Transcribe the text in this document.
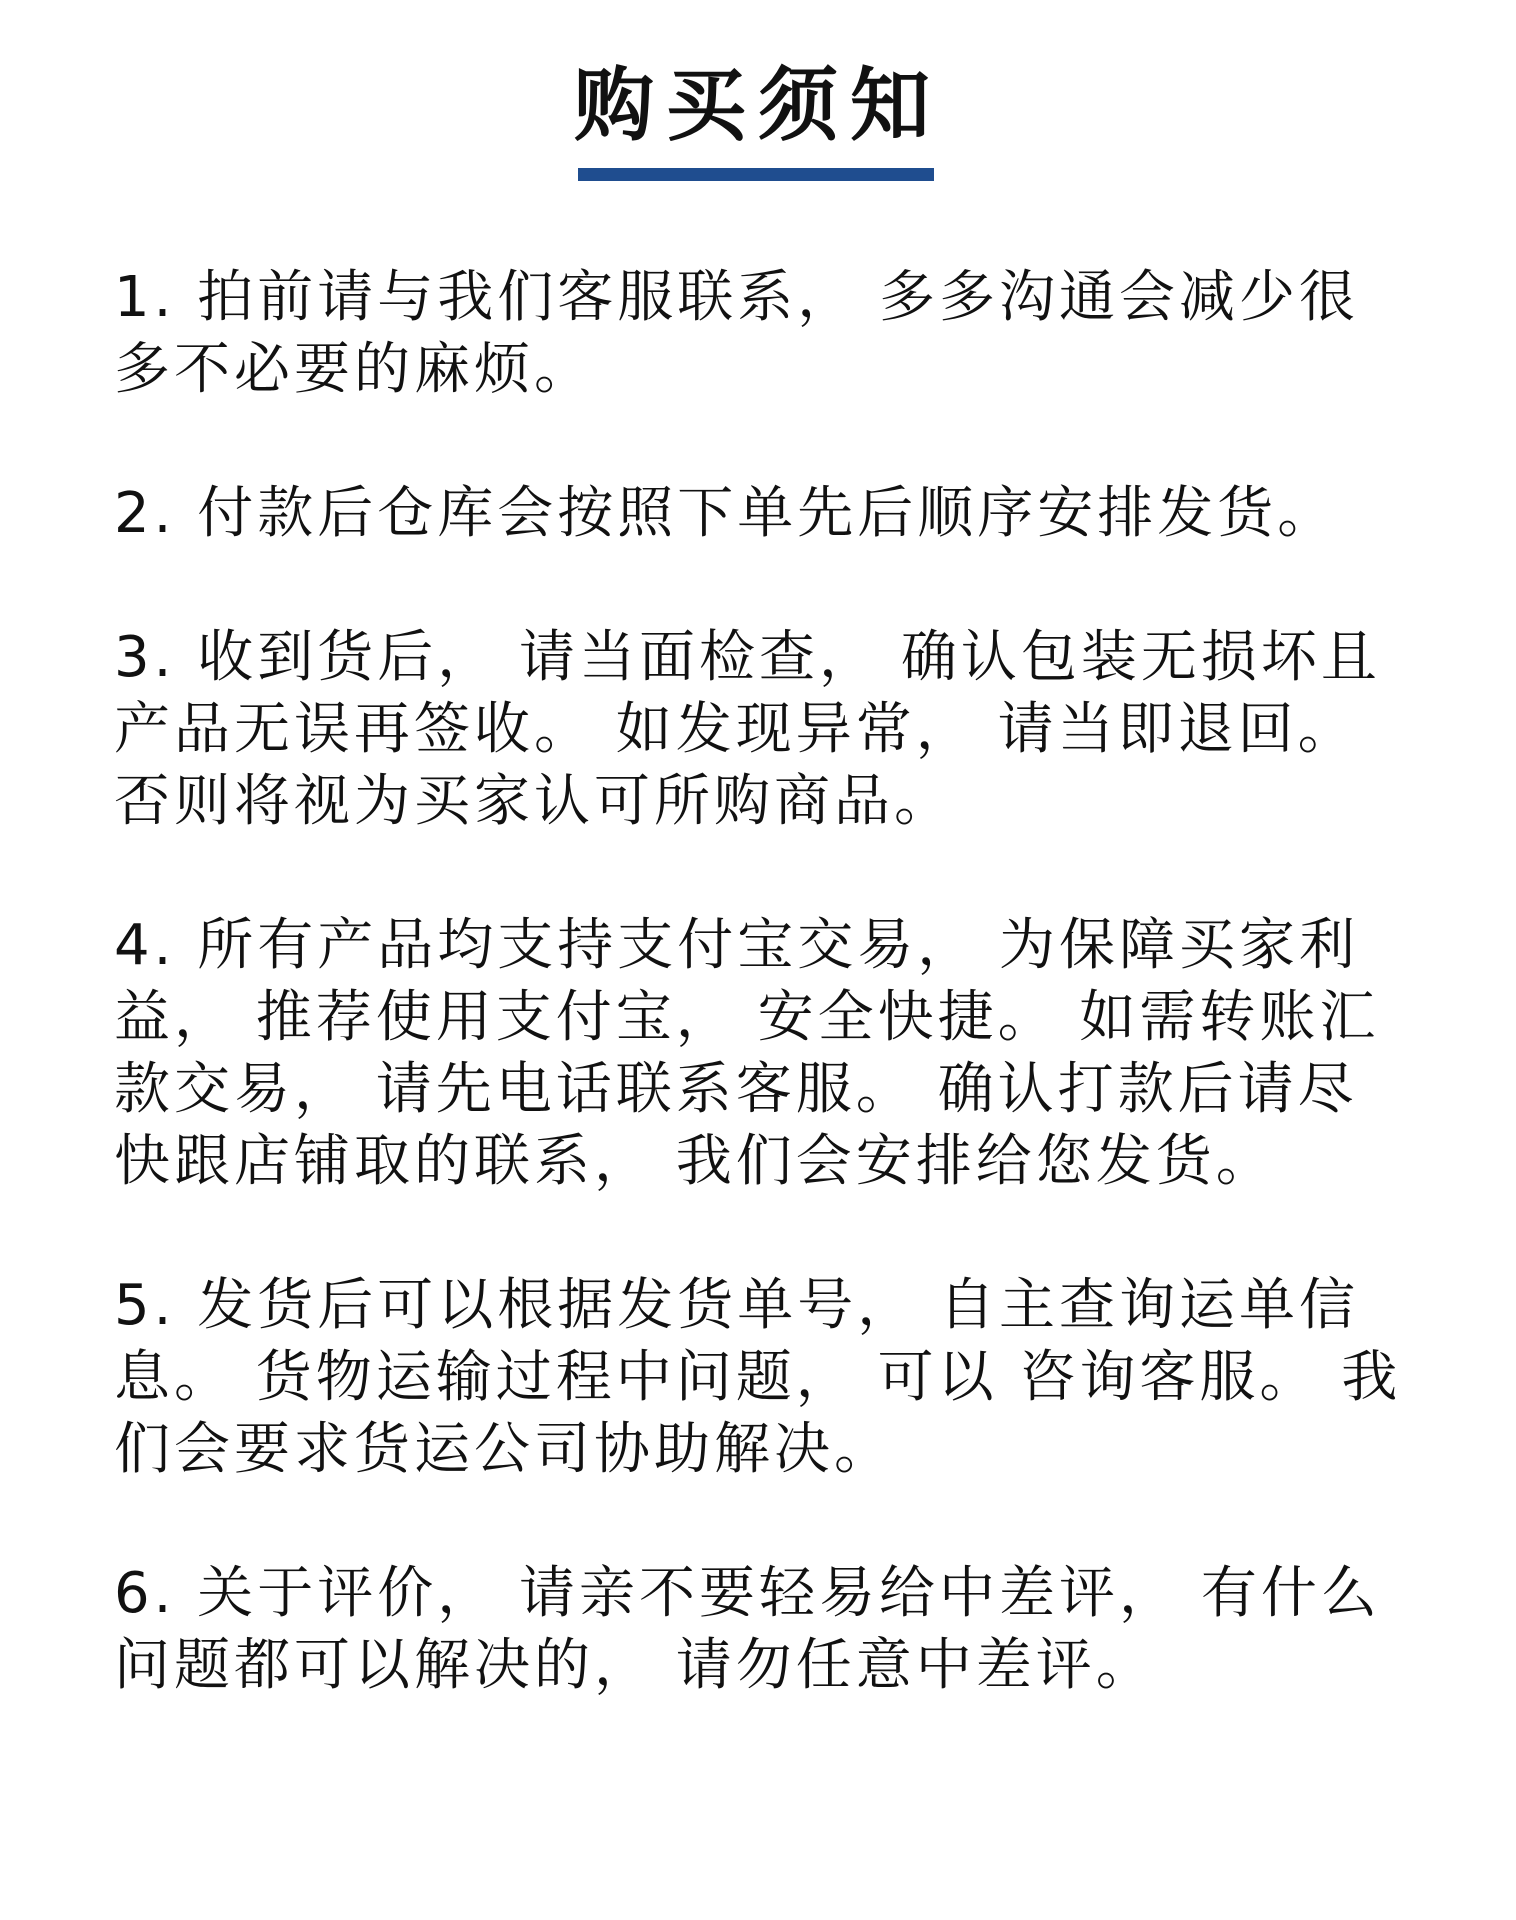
购买须知

1. 拍前请与我们客服联系， 多多沟通会减少很多不必要的麻烦。

2. 付款后仓库会按照下单先后顺序安排发货。

3. 收到货后， 请当面检查， 确认包装无损坏且产品无误再签收。 如发现异常， 请当即退回。 否则将视为买家认可所购商品。

4. 所有产品均支持支付宝交易， 为保障买家利益， 推荐使用支付宝， 安全快捷。 如需转账汇款交易， 请先电话联系客服。 确认打款后请尽快跟店铺取的联系， 我们会安排给您发货。

5. 发货后可以根据发货单号， 自主查询运单信息。 货物运输过程中问题， 可以 咨询客服。 我们会要求货运公司协助解决。

6. 关于评价， 请亲不要轻易给中差评， 有什么问题都可以解决的， 请勿任意中差评。
